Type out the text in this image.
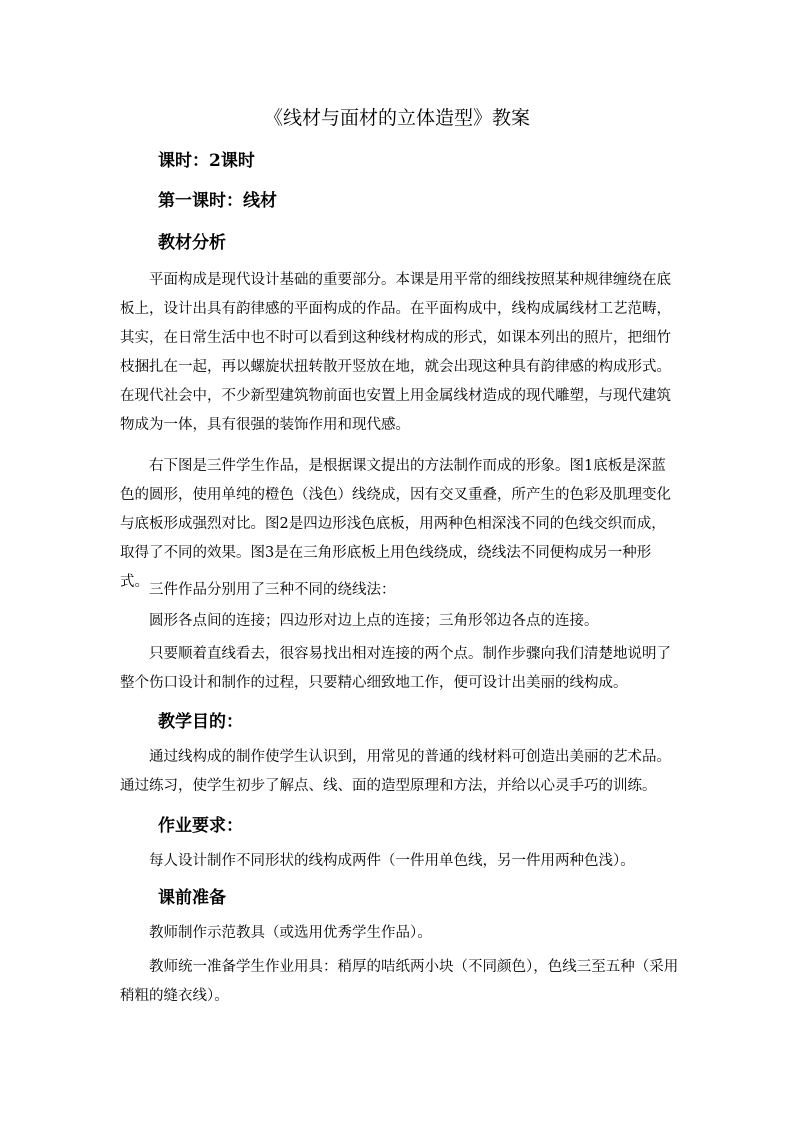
《线材与面材的立体造型》教案
课时：2课时
第一课时：线材
教材分析

平面构成是现代设计基础的重要部分。本课是用平常的细线按照某种规律缠绕在底板上，设计出具有韵律感的平面构成的作品。在平面构成中，线构成属线材工艺范畴，其实，在日常生活中也不时可以看到这种线材构成的形式，如课本列出的照片，把细竹枝捆扎在一起，再以螺旋状扭转散开竖放在地，就会出现这种具有韵律感的构成形式。在现代社会中，不少新型建筑物前面也安置上用金属线材造成的现代雕塑，与现代建筑物成为一体，具有很强的装饰作用和现代感。

右下图是三件学生作品，是根据课文提出的方法制作而成的形象。图1底板是深蓝色的圆形，使用单纯的橙色（浅色）线绕成，因有交叉重叠，所产生的色彩及肌理变化与底板形成强烈对比。图2是四边形浅色底板，用两种色相深浅不同的色线交织而成，取得了不同的效果。图3是在三角形底板上用色线绕成，绕线法不同便构成另一种形式。 三件作品分别用了三种不同的绕线法：

圆形各点间的连接；四边形对边上点的连接；三角形邻边各点的连接。

只要顺着直线看去，很容易找出相对连接的两个点。制作步骤向我们清楚地说明了整个伤口设计和制作的过程，只要精心细致地工作，便可设计出美丽的线构成。

教学目的：

通过线构成的制作使学生认识到，用常见的普通的线材料可创造出美丽的艺术品。通过练习，使学生初步了解点、线、面的造型原理和方法，并给以心灵手巧的训练。

作业要求：

每人设计制作不同形状的线构成两件（一件用单色线，另一件用两种色浅）。

课前准备

教师制作示范教具（或选用优秀学生作品）。

教师统一准备学生作业用具：稍厚的咭纸两小块（不同颜色），色线三至五种（采用稍粗的缝衣线）。
